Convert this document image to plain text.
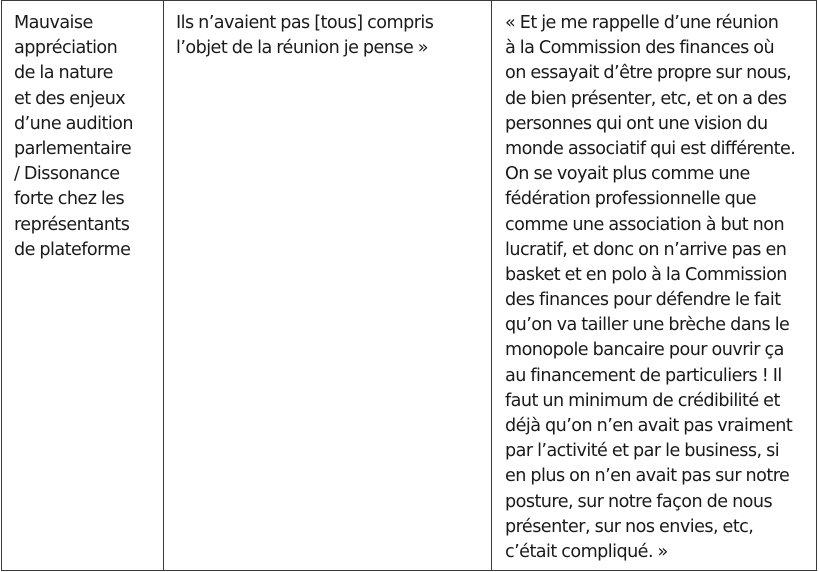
Mauvaise
appréciation
de la nature
et des enjeux
d’une audition
parlementaire
/ Dissonance
forte chez les
représentants
de plateforme
Ils n’avaient pas [tous] compris
l’objet de la réunion je pense »
« Et je me rappelle d’une réunion
à la Commission des finances où
on essayait d’être propre sur nous,
de bien présenter, etc, et on a des
personnes qui ont une vision du
monde associatif qui est différente.
On se voyait plus comme une
fédération professionnelle que
comme une association à but non
lucratif, et donc on n’arrive pas en
basket et en polo à la Commission
des finances pour défendre le fait
qu’on va tailler une brèche dans le
monopole bancaire pour ouvrir ça
au financement de particuliers ! Il
faut un minimum de crédibilité et
déjà qu’on n’en avait pas vraiment
par l’activité et par le business, si
en plus on n’en avait pas sur notre
posture, sur notre façon de nous
présenter, sur nos envies, etc,
c’était compliqué. »
